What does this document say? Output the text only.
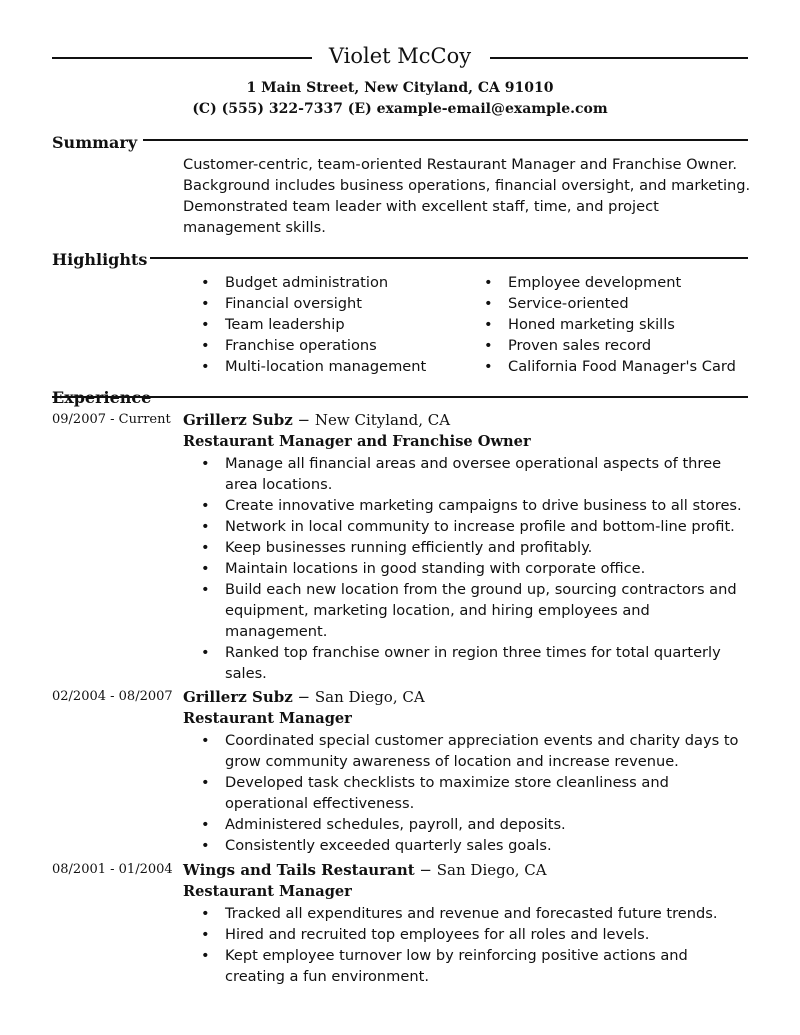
Violet McCoy
1 Main Street, New Cityland, CA 91010
(C) (555) 322-7337 (E) example-email@example.com
Summary
Customer-centric, team-oriented Restaurant Manager and Franchise Owner.
Background includes business operations, financial oversight, and marketing.
Demonstrated team leader with excellent staff, time, and project
management skills.
Highlights
• Budget administration
• Financial oversight
• Team leadership
• Franchise operations
• Multi-location management
• Employee development
• Service-oriented
• Honed marketing skills
• Proven sales record
• California Food Manager's Card
09/2007 - Current Grillerz Subz − New Cityland, CA
Restaurant Manager and Franchise Owner
• Manage all financial areas and oversee operational aspects of three area locations.
• Create innovative marketing campaigns to drive business to all stores.
• Network in local community to increase profile and bottom-line profit.
• Keep businesses running efficiently and profitably.
• Maintain locations in good standing with corporate office.
• Build each new location from the ground up, sourcing contractors and equipment, marketing location, and hiring employees and management.
• Ranked top franchise owner in region three times for total quarterly sales.
02/2004 - 08/2007 Grillerz Subz − San Diego, CA
Restaurant Manager
• Coordinated special customer appreciation events and charity days to grow community awareness of location and increase revenue.
• Developed task checklists to maximize store cleanliness and operational effectiveness.
• Administered schedules, payroll, and deposits.
• Consistently exceeded quarterly sales goals.
08/2001 - 01/2004 Wings and Tails Restaurant − San Diego, CA
Restaurant Manager
• Tracked all expenditures and revenue and forecasted future trends.
• Hired and recruited top employees for all roles and levels.
• Kept employee turnover low by reinforcing positive actions and creating a fun environment.
